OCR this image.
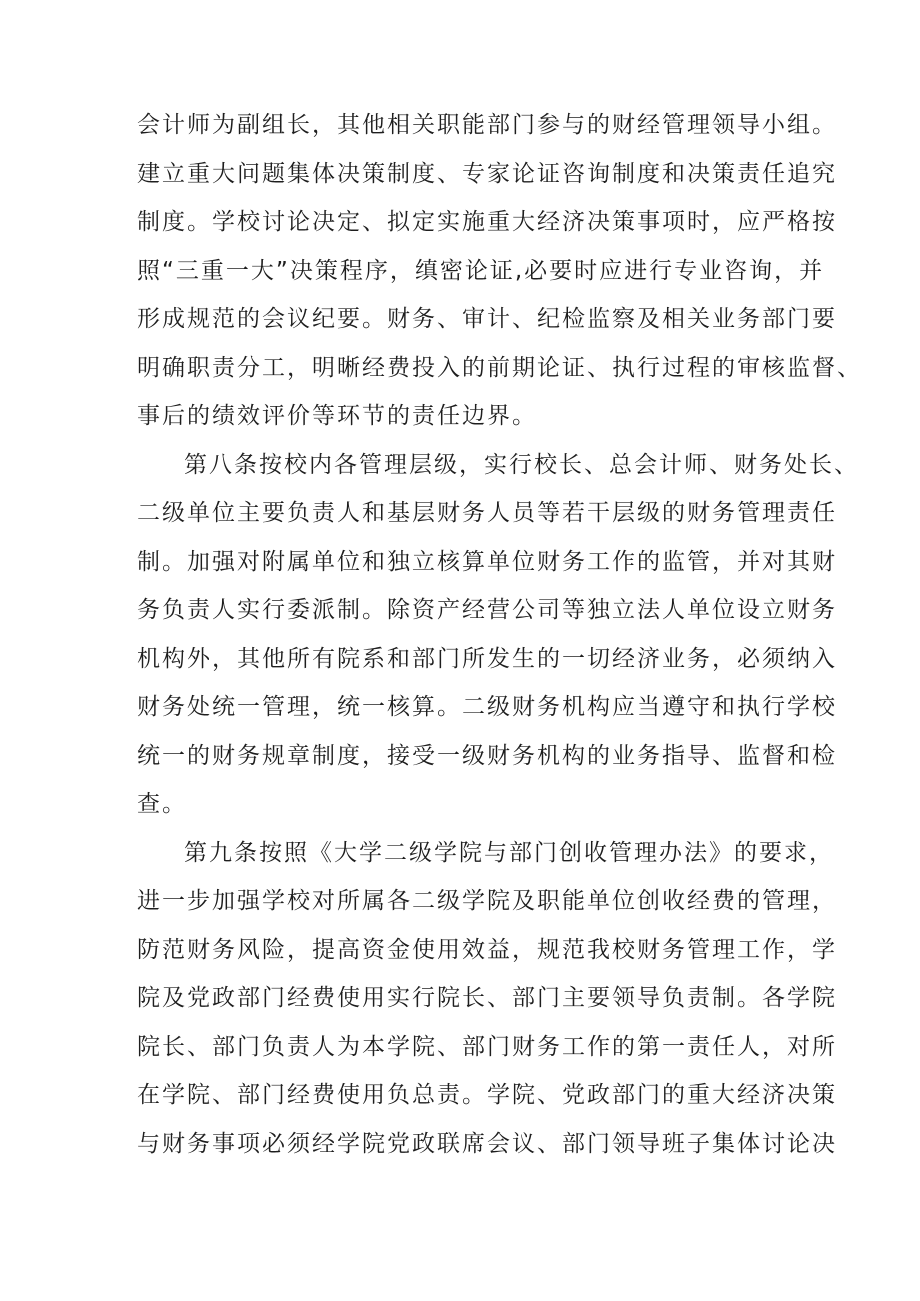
会计师为副组长，其他相关职能部门参与的财经管理领导小组。
建立重大问题集体决策制度、专家论证咨询制度和决策责任追究
制度。学校讨论决定、拟定实施重大经济决策事项时，应严格按
照“三重一大”决策程序，缜密论证,必要时应进行专业咨询，并
形成规范的会议纪要。财务、审计、纪检监察及相关业务部门要
明确职责分工，明晰经费投入的前期论证、执行过程的审核监督、
事后的绩效评价等环节的责任边界。
第八条按校内各管理层级，实行校长、总会计师、财务处长、
二级单位主要负责人和基层财务人员等若干层级的财务管理责任
制。加强对附属单位和独立核算单位财务工作的监管，并对其财
务负责人实行委派制。除资产经营公司等独立法人单位设立财务
机构外，其他所有院系和部门所发生的一切经济业务，必须纳入
财务处统一管理，统一核算。二级财务机构应当遵守和执行学校
统一的财务规章制度，接受一级财务机构的业务指导、监督和检
查。
第九条按照《大学二级学院与部门创收管理办法》的要求，
进一步加强学校对所属各二级学院及职能单位创收经费的管理，
防范财务风险，提高资金使用效益，规范我校财务管理工作，学
院及党政部门经费使用实行院长、部门主要领导负责制。各学院
院长、部门负责人为本学院、部门财务工作的第一责任人，对所
在学院、部门经费使用负总责。学院、党政部门的重大经济决策
与财务事项必须经学院党政联席会议、部门领导班子集体讨论决
